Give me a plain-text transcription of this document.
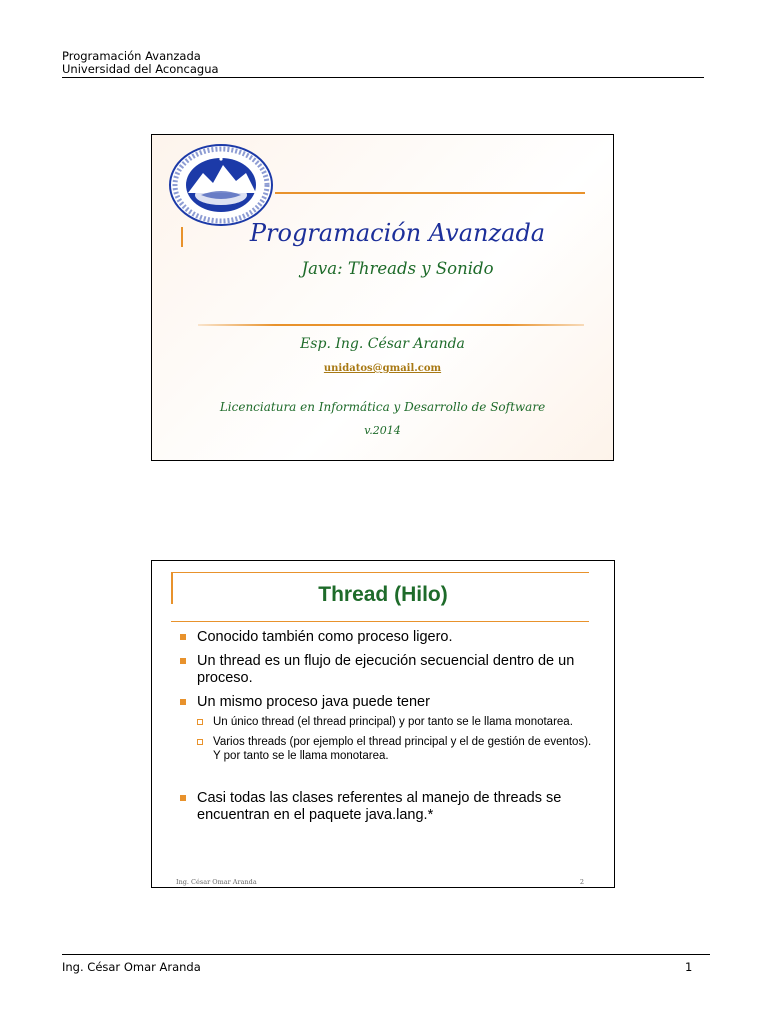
Programación Avanzada
Universidad del Aconcagua
Programación Avanzada
Java: Threads y Sonido
Esp. Ing. César Aranda
unidatos@gmail.com
Licenciatura en Informática y Desarrollo de Software
v.2014
Thread (Hilo)
Conocido también como proceso ligero.
Un thread es un flujo de ejecución secuencial dentro de un proceso.
Un mismo proceso java puede tener
Un único thread (el thread principal) y por tanto se le llama monotarea.
Varios threads (por ejemplo el thread principal y el de gestión de eventos). Y por tanto se le llama monotarea.
Casi todas las clases referentes al manejo de threads se encuentran en el paquete java.lang.*
Ing. César Omar Aranda	2
Ing. César Omar Aranda	1
